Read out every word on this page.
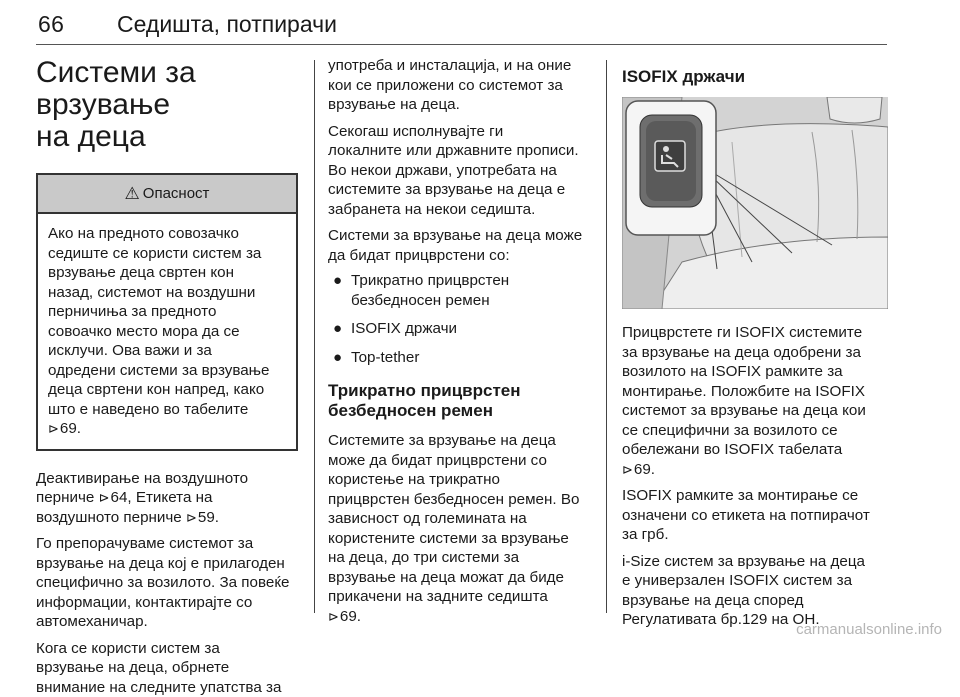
66 Седишта, потпирачи
Системи за врзување
на деца
⚠ Опасност
Ако на предното совозачко
седиште се користи систем за
врзување деца свртен кон
назад, системот на воздушни
перничиња за предното
совоачко место мора да се
исклучи. Ова важи и за
одредени системи за врзување
деца свртени кон напред, како
што е наведено во табелите
⊳69.

Деактивирање на воздушното
перниче ⊳64, Етикета на
воздушното перниче ⊳59.

Го препорачуваме системот за
врзување на деца кој е прилагоден
специфично за возилото. За повеќе
информации, контактирајте со
автомеханичар.

Кога се користи систем за
врзување на деца, обрнете
внимание на следните упатства за

употреба и инсталација, и на оние
кои се приложени со системот за
врзување на деца.

Секогаш исполнувајте ги
локалните или државните прописи.
Во некои држави, употребата на
системите за врзување на деца е
забранета на некои седишта.

Системи за врзување на деца може
да бидат прицврстени со:

● Трикратно прицврстен
безбедносен ремен
● ISOFIX држачи
● Top-tether
Трикратно прицврстен
безбедносен ремен

Системите за врзување на деца
може да бидат прицврстени со
користење на трикратно
прицврстен безбедносен ремен. Во
зависност од големината на
користените системи за врзување
на деца, до три системи за
врзување на деца можат да биде
прикачени на задните седишта
⊳69.

ISOFIX држачи

Прицврстете ги ISOFIX системите
за врзување на деца одобрени за
возилото на ISOFIX рамките за
монтирање. Положбите на ISOFIX
системот за врзување на деца кои
се специфични за возилото се
обележани во ISOFIX табелата
⊳69.

ISOFIX рамките за монтирање се
означени со етикета на потпирачот
за грб.

i-Size систем за врзување на деца
е универзален ISOFIX систем за
врзување на деца според
Регулативата бр.129 на ОН.

carmanualsonline.info
